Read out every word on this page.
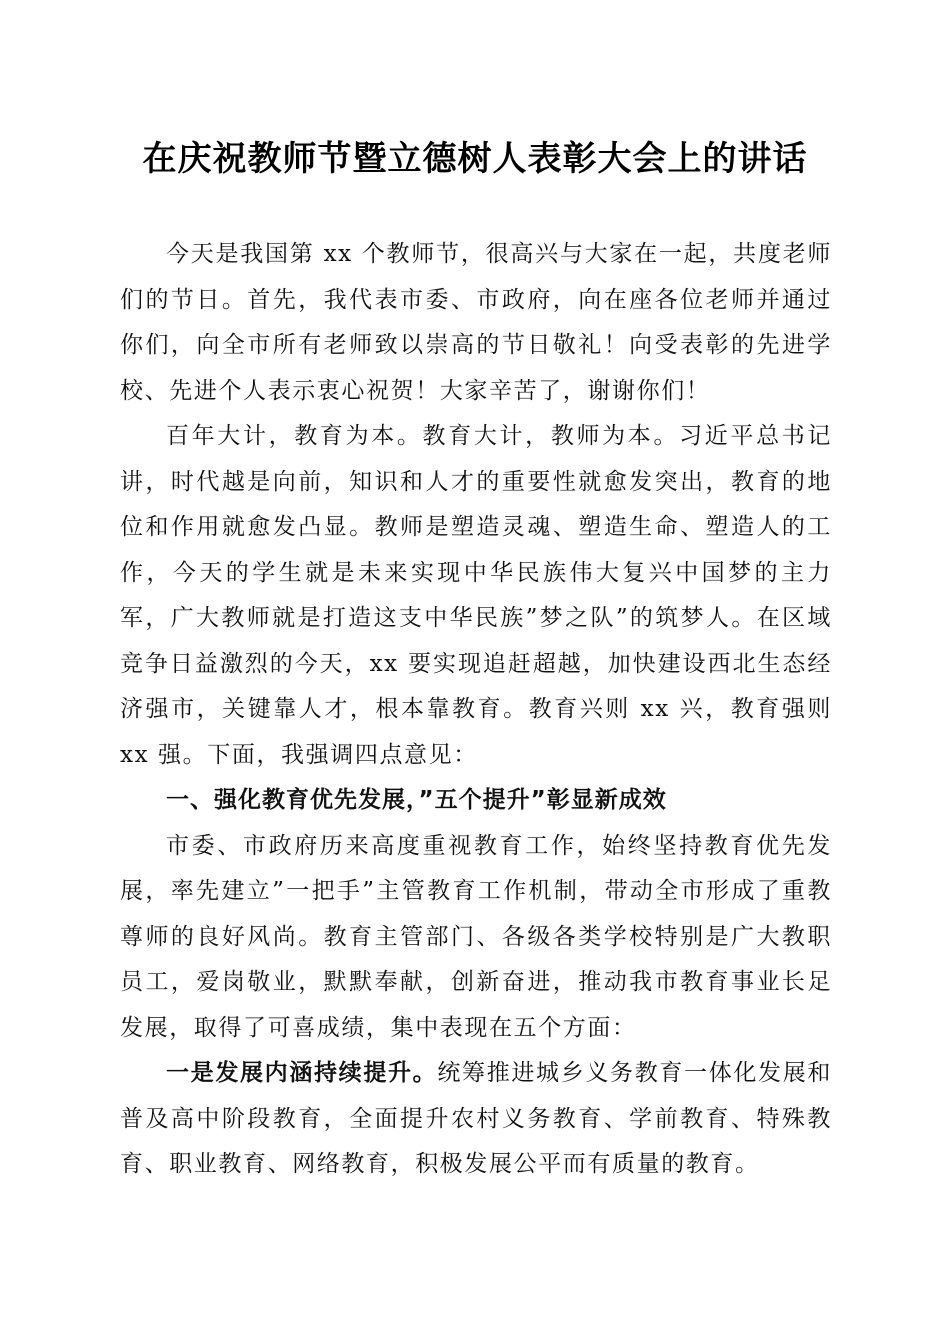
在庆祝教师节暨立德树人表彰大会上的讲话

今天是我国第 xx 个教师节，很高兴与大家在一起，共度老师们的节日。首先，我代表市委、市政府，向在座各位老师并通过你们，向全市所有老师致以崇高的节日敬礼！向受表彰的先进学校、先进个人表示衷心祝贺！大家辛苦了，谢谢你们！

百年大计，教育为本。教育大计，教师为本。习近平总书记讲，时代越是向前，知识和人才的重要性就愈发突出，教育的地位和作用就愈发凸显。教师是塑造灵魂、塑造生命、塑造人的工作，今天的学生就是未来实现中华民族伟大复兴中国梦的主力军，广大教师就是打造这支中华民族”梦之队”的筑梦人。在区域竞争日益激烈的今天，xx 要实现追赶超越，加快建设西北生态经济强市，关键靠人才，根本靠教育。教育兴则 xx 兴，教育强则 xx 强。下面，我强调四点意见：

一、强化教育优先发展，”五个提升”彰显新成效

市委、市政府历来高度重视教育工作，始终坚持教育优先发展，率先建立”一把手”主管教育工作机制，带动全市形成了重教尊师的良好风尚。教育主管部门、各级各类学校特别是广大教职员工，爱岗敬业，默默奉献，创新奋进，推动我市教育事业长足发展，取得了可喜成绩，集中表现在五个方面：

一是发展内涵持续提升。统筹推进城乡义务教育一体化发展和普及高中阶段教育，全面提升农村义务教育、学前教育、特殊教育、职业教育、网络教育，积极发展公平而有质量的教育。
